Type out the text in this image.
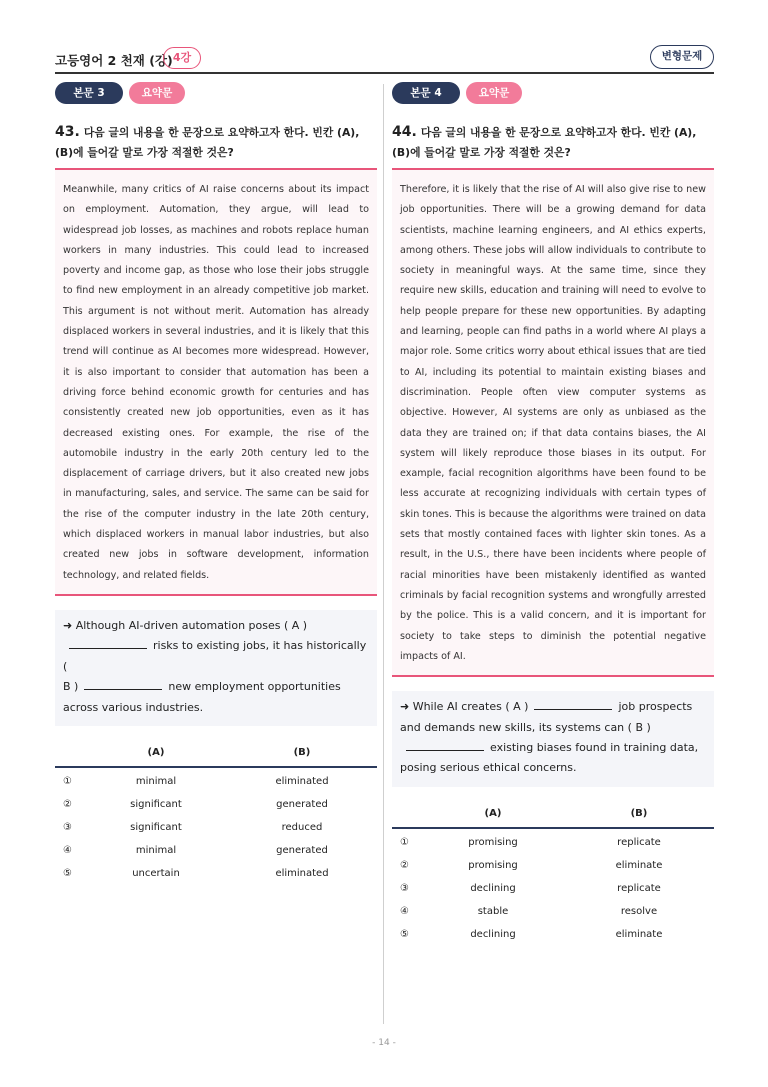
고등영어 2 천재 (강) 4강	변형문제
본문 3	요약문
43. 다음 글의 내용을 한 문장으로 요약하고자 한다. 빈칸 (A), (B)에 들어갈 말로 가장 적절한 것은?
Meanwhile, many critics of AI raise concerns about its impact on employment. Automation, they argue, will lead to widespread job losses, as machines and robots replace human workers in many industries. This could lead to increased poverty and income gap, as those who lose their jobs struggle to find new employment in an already competitive job market. This argument is not without merit. Automation has already displaced workers in several industries, and it is likely that this trend will continue as AI becomes more widespread. However, it is also important to consider that automation has been a driving force behind economic growth for centuries and has consistently created new job opportunities, even as it has decreased existing ones. For example, the rise of the automobile industry in the early 20th century led to the displacement of carriage drivers, but it also created new jobs in manufacturing, sales, and service. The same can be said for the rise of the computer industry in the late 20th century, which displaced workers in manual labor industries, but also created new jobs in software development, information technology, and related fields.
➜ Although AI-driven automation poses ( A )
risks to existing jobs, it has historically (
B )	new employment opportunities across various industries.
(A)	(B)
①	minimal	eliminated
②	significant	generated
③	significant	reduced
④	minimal	generated
⑤	uncertain	eliminated
본문 4	요약문
44. 다음 글의 내용을 한 문장으로 요약하고자 한다. 빈칸 (A), (B)에 들어갈 말로 가장 적절한 것은?
Therefore, it is likely that the rise of AI will also give rise to new job opportunities. There will be a growing demand for data scientists, machine learning engineers, and AI ethics experts, among others. These jobs will allow individuals to contribute to society in meaningful ways. At the same time, since they require new skills, education and training will need to evolve to help people prepare for these new opportunities. By adapting and learning, people can find paths in a world where AI plays a major role. Some critics worry about ethical issues that are tied to AI, including its potential to maintain existing biases and discrimination. People often view computer systems as objective. However, AI systems are only as unbiased as the data they are trained on; if that data contains biases, the AI system will likely reproduce those biases in its output. For example, facial recognition algorithms have been found to be less accurate at recognizing individuals with certain types of skin tones. This is because the algorithms were trained on data sets that mostly contained faces with lighter skin tones. As a result, in the U.S., there have been incidents where people of racial minorities have been mistakenly identified as wanted criminals by facial recognition systems and wrongfully arrested by the police. This is a valid concern, and it is important for society to take steps to diminish the potential negative impacts of AI.
➜ While AI creates ( A )	job prospects and demands new skills, its systems can ( B )existing biases found in training data, posing serious ethical concerns.
(A)	(B)
①	promising	replicate
②	promising	eliminate
③	declining	replicate
④	stable	resolve
⑤	declining	eliminate
- 14 -
